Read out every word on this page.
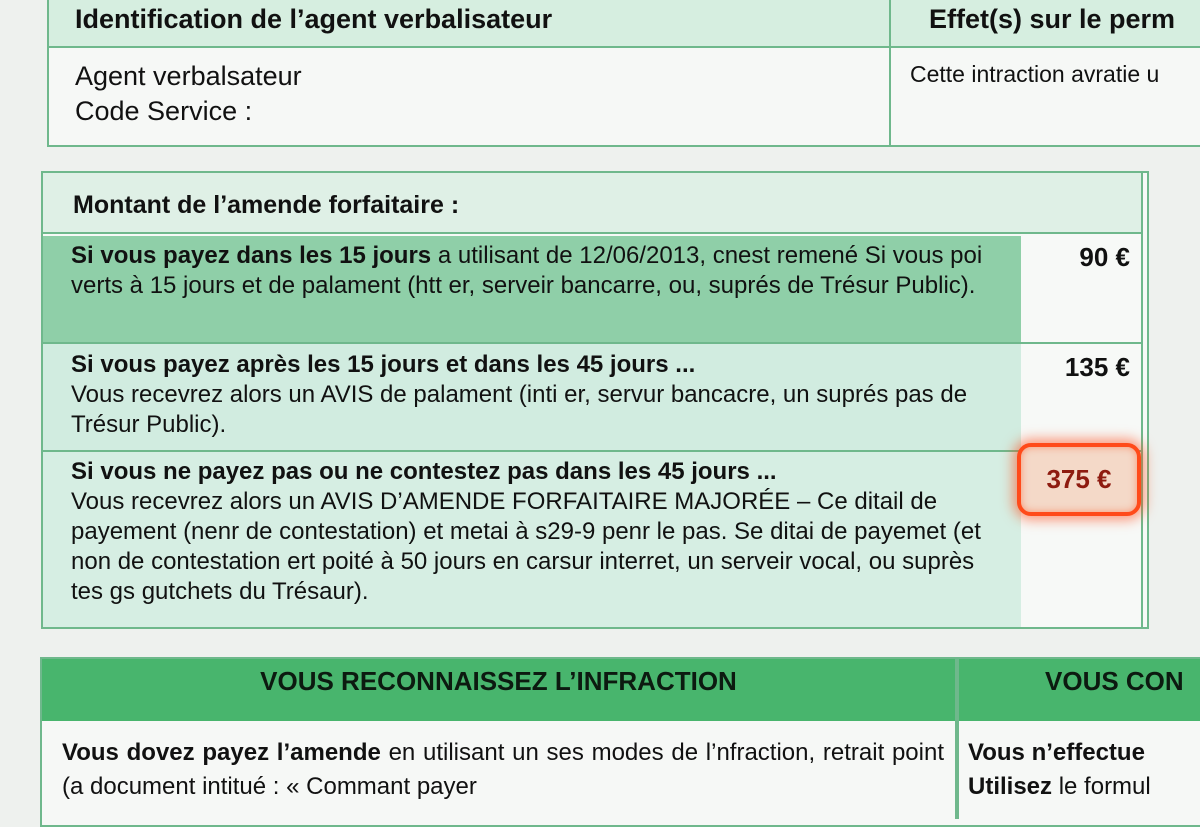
Identification de l’agent verbalisateur	Effet(s) sur le perm
Agent verbalsateur
Code Service :
Cette intraction avratie u
Montant de l’amende forfaitaire :
Si vous payez dans les 15 jours a utilisant de 12/06/2013, cnest remené Si vous poi verts à 15 jours et de palament (htt er, serveir bancarre, ou, suprés de Trésur Public).
Si vous payez après les 15 jours et dans les 45 jours ...
Vous recevrez alors un AVIS de palament (inti er, servur bancacre, un suprés pas de Trésur Public).
Si vous ne payez pas ou ne contestez pas dans les 45 jours ...
Vous recevrez alors un AVIS D’AMENDE FORFAITAIRE MAJORÉE – Ce ditail de payement (nenr de contestation) et metai à s29-9 penr le pas. Se ditai de payemet (et non de contestation ert poité à 50 jours en carsur interret, un serveir vocal, ou suprès tes gs gutchets du Trésaur).
90 €
135 €
375 €
VOUS RECONNAISSEZ L’INFRACTION	VOUS CON
Vous dovez payez l’amende en utilisant un ses modes de l’nfraction, retrait point (a document intitué : « Commant payer
Vous n’effectue
Utilisez le formul
